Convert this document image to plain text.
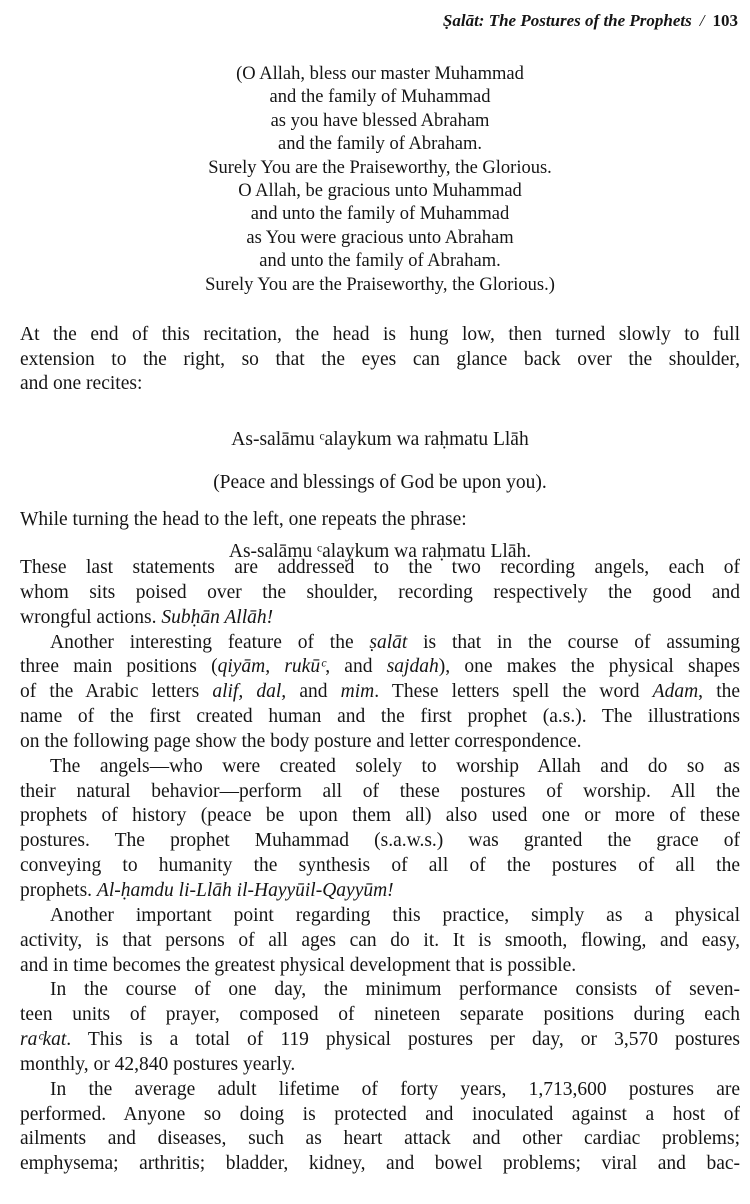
Ṣalāt: The Postures of the Prophets / 103
(O Allah, bless our master Muhammad
and the family of Muhammad
as you have blessed Abraham
and the family of Abraham.
Surely You are the Praiseworthy, the Glorious.
O Allah, be gracious unto Muhammad
and unto the family of Muhammad
as You were gracious unto Abraham
and unto the family of Abraham.
Surely You are the Praiseworthy, the Glorious.)
At the end of this recitation, the head is hung low, then turned slowly to full
extension to the right, so that the eyes can glance back over the shoulder,
and one recites:
As-salāmu ᶜalaykum wa raḥmatu Llāh
(Peace and blessings of God be upon you).
While turning the head to the left, one repeats the phrase:
As-salāmu ᶜalaykum wa raḥmatu Llāh.
These last statements are addressed to the two recording angels, each of
whom sits poised over the shoulder, recording respectively the good and
wrongful actions. Subḥān Allāh!
Another interesting feature of the ṣalāt is that in the course of assuming
three main positions (qiyām, rukūᶜ, and sajdah), one makes the physical shapes
of the Arabic letters alif, dal, and mim. These letters spell the word Adam, the
name of the first created human and the first prophet (a.s.). The illustrations
on the following page show the body posture and letter correspondence.
The angels—who were created solely to worship Allah and do so as
their natural behavior—perform all of these postures of worship. All the
prophets of history (peace be upon them all) also used one or more of these
postures. The prophet Muhammad (s.a.w.s.) was granted the grace of
conveying to humanity the synthesis of all of the postures of all the
prophets. Al-ḥamdu li-Llāh il-Hayyūil-Qayyūm!
Another important point regarding this practice, simply as a physical
activity, is that persons of all ages can do it. It is smooth, flowing, and easy,
and in time becomes the greatest physical development that is possible.
In the course of one day, the minimum performance consists of seven-
teen units of prayer, composed of nineteen separate positions during each
raᶜkat. This is a total of 119 physical postures per day, or 3,570 postures
monthly, or 42,840 postures yearly.
In the average adult lifetime of forty years, 1,713,600 postures are
performed. Anyone so doing is protected and inoculated against a host of
ailments and diseases, such as heart attack and other cardiac problems;
emphysema; arthritis; bladder, kidney, and bowel problems; viral and bac-
